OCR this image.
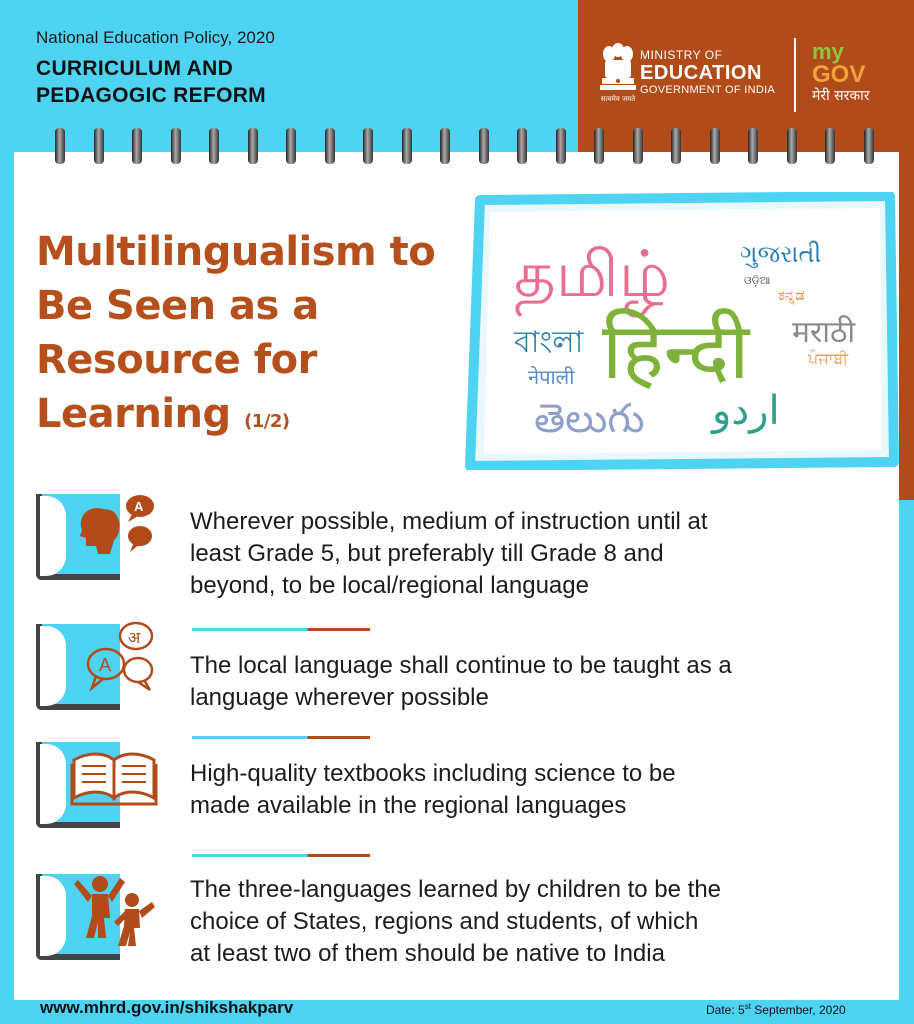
National Education Policy, 2020
CURRICULUM AND
PEDAGOGIC REFORM	सत्यमेव जयते
MINISTRY OF
EDUCATION
GOVERNMENT OF INDIA
my
GOV
मेरी सरकार
Multilingualism to
Be Seen as a
Resource for
Learning (1/2)
தமிழ்	ગુજરાતી
ଓଡ଼ିଆ
ಕನ್ನಡ
বাংলা हिन्दी मराठी
ਪੰਜਾਬੀ
नेपाली
اردو
తెలుగు
A
Wherever possible, medium of instruction until at
least Grade 5, but preferably till Grade 8 and
beyond, to be local/regional language
अ
A	The local language shall continue to be taught as a
language wherever possible
High-quality textbooks including science to be
made available in the regional languages
The three-languages learned by children to be the
choice of States, regions and students, of which
at least two of them should be native to India
www.mhrd.gov.in/shikshakparv	Date: 5st September, 2020
